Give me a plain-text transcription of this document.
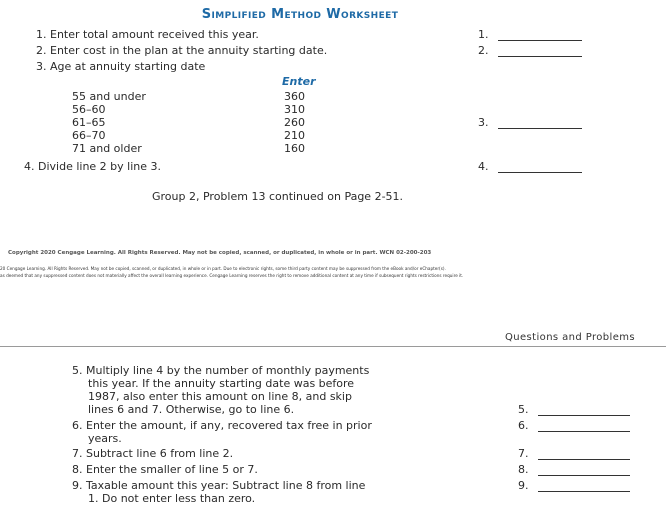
Simplified Method Worksheet
1. Enter total amount received this year.	1.
2. Enter cost in the plan at the annuity starting date.	2.
3. Age at annuity starting date
Enter
55 and under	360
56–60	310
61–65	260
66–70	210
71 and older	160
3.
4. Divide line 2 by line 3.	4.
Group 2, Problem 13 continued on Page 2-51.
Copyright 2020 Cengage Learning. All Rights Reserved. May not be copied, scanned, or duplicated, in whole or in part. WCN 02-200-203
20 Cengage Learning. All Rights Reserved. May not be copied, scanned, or duplicated, in whole or in part. Due to electronic rights, some third party content may be suppressed from the eBook and/or eChapter(s).
as deemed that any suppressed content does not materially affect the overall learning experience. Cengage Learning reserves the right to remove additional content at any time if subsequent rights restrictions require it.
Questions and Problems
5. Multiply line 4 by the number of monthly payments
this year. If the annuity starting date was before
1987, also enter this amount on line 8, and skip
lines 6 and 7. Otherwise, go to line 6.	5.
6. Enter the amount, if any, recovered tax free in prior
years.
6.
7. Subtract line 6 from line 2.	7.
8. Enter the smaller of line 5 or 7.	8.
9. Taxable amount this year: Subtract line 8 from line
1. Do not enter less than zero.
9.
